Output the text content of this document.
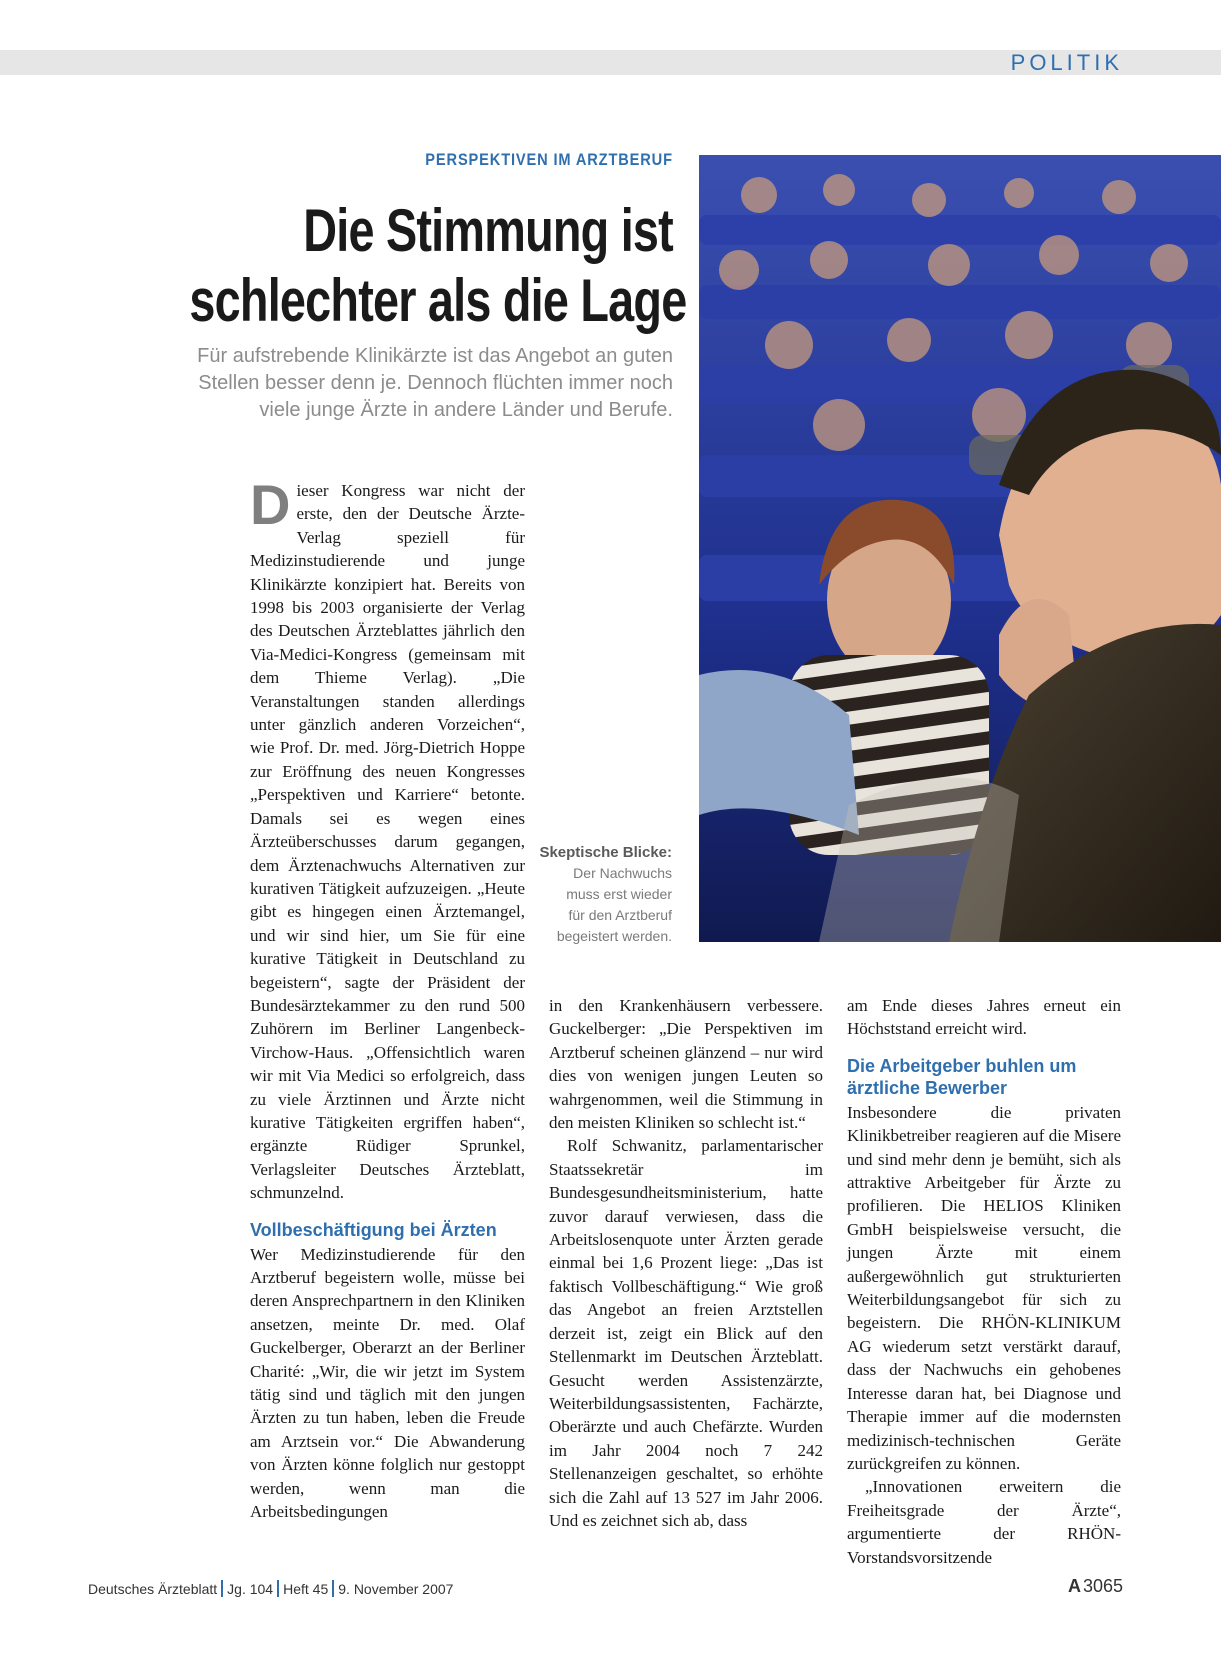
POLITIK
PERSPEKTIVEN IM ARZTBERUF
Die Stimmung ist
schlechter als die Lage
Für aufstrebende Klinikärzte ist das Angebot an guten
Stellen besser denn je. Dennoch flüchten immer noch
viele junge Ärzte in andere Länder und Berufe.
Skeptische Blicke:
Der Nachwuchs
muss erst wieder
für den Arztberuf
begeistert werden.

Dieser Kongress war nicht der erste, den der Deutsche Ärzte-Verlag speziell für Medizinstudierende und junge Klinikärzte konzipiert hat. Bereits von 1998 bis 2003 organisierte der Verlag des Deutschen Ärzteblattes jährlich den Via-Medici-Kongress (gemeinsam mit dem Thieme Verlag). „Die Veranstaltungen standen allerdings unter gänzlich anderen Vorzeichen“, wie Prof. Dr. med. Jörg-Dietrich Hoppe zur Eröffnung des neuen Kongresses „Perspektiven und Karriere“ betonte. Damals sei es wegen eines Ärzteüberschusses darum gegangen, dem Ärztenachwuchs Alternativen zur kurativen Tätigkeit aufzuzeigen. „Heute gibt es hingegen einen Ärztemangel, und wir sind hier, um Sie für eine kurative Tätigkeit in Deutschland zu begeistern“, sagte der Präsident der Bundesärztekammer zu den rund 500 Zuhörern im Berliner Langenbeck-Virchow-Haus. „Offensichtlich waren wir mit Via Medici so erfolgreich, dass zu viele Ärztinnen und Ärzte nicht kurative Tätigkeiten ergriffen haben“, ergänzte Rüdiger Sprunkel, Verlagsleiter Deutsches Ärzteblatt, schmunzelnd.

Vollbeschäftigung bei Ärzten

Wer Medizinstudierende für den Arztberuf begeistern wolle, müsse bei deren Ansprechpartnern in den Kliniken ansetzen, meinte Dr. med. Olaf Guckelberger, Oberarzt an der Berliner Charité: „Wir, die wir jetzt im System tätig sind und täglich mit den jungen Ärzten zu tun haben, leben die Freude am Arztsein vor.“ Die Abwanderung von Ärzten könne folglich nur gestoppt werden, wenn man die Arbeitsbedingungen

in den Krankenhäusern verbessere. Guckelberger: „Die Perspektiven im Arztberuf scheinen glänzend – nur wird dies von wenigen jungen Leuten so wahrgenommen, weil die Stimmung in den meisten Kliniken so schlecht ist.“

Rolf Schwanitz, parlamentarischer Staatssekretär im Bundesgesundheitsministerium, hatte zuvor darauf verwiesen, dass die Arbeitslosenquote unter Ärzten gerade einmal bei 1,6 Prozent liege: „Das ist faktisch Vollbeschäftigung.“ Wie groß das Angebot an freien Arztstellen derzeit ist, zeigt ein Blick auf den Stellenmarkt im Deutschen Ärzteblatt. Gesucht werden Assistenzärzte, Weiterbildungsassistenten, Fachärzte, Oberärzte und auch Chefärzte. Wurden im Jahr 2004 noch 7 242 Stellenanzeigen geschaltet, so erhöhte sich die Zahl auf 13 527 im Jahr 2006. Und es zeichnet sich ab, dass

am Ende dieses Jahres erneut ein Höchststand erreicht wird.

Die Arbeitgeber buhlen um
ärztliche Bewerber

Insbesondere die privaten Klinikbetreiber reagieren auf die Misere und sind mehr denn je bemüht, sich als attraktive Arbeitgeber für Ärzte zu profilieren. Die HELIOS Kliniken GmbH beispielsweise versucht, die jungen Ärzte mit einem außergewöhnlich gut strukturierten Weiterbildungsangebot für sich zu begeistern. Die RHÖN-KLINIKUM AG wiederum setzt verstärkt darauf, dass der Nachwuchs ein gehobenes Interesse daran hat, bei Diagnose und Therapie immer auf die modernsten medizinisch-technischen Geräte zurückgreifen zu können.

„Innovationen erweitern die Freiheitsgrade der Ärzte“, argumentierte der RHÖN-Vorstandsvorsitzende

Deutsches Ärzteblatt Jg. 104 Heft 45 9. November 2007	A 3065
